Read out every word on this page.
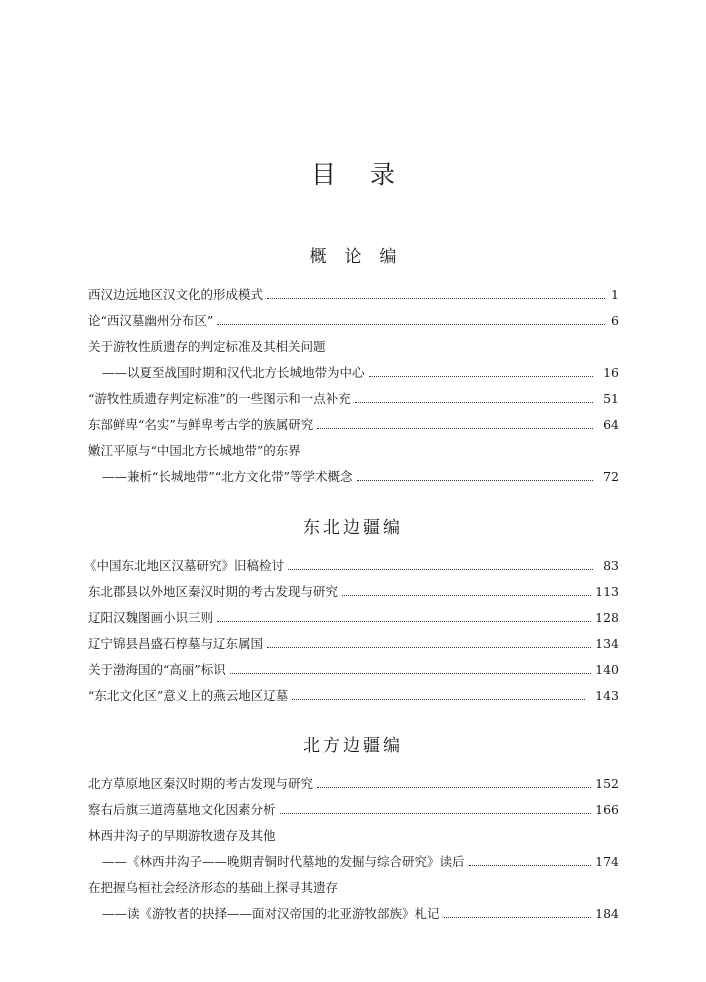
目录
概论编
西汉边远地区汉文化的形成模式	1
论“西汉墓幽州分布区”	6
关于游牧性质遗存的判定标准及其相关问题
——以夏至战国时期和汉代北方长城地带为中心	16
“游牧性质遗存判定标准”的一些图示和一点补充	51
东部鲜卑“名实”与鲜卑考古学的族属研究	64
嫩江平原与“中国北方长城地带”的东界
——兼析“长城地带”“北方文化带”等学术概念	72
东北边疆编
《中国东北地区汉墓研究》旧稿检讨	83
东北郡县以外地区秦汉时期的考古发现与研究	113
辽阳汉魏图画小识三则	128
辽宁锦县昌盛石椁墓与辽东属国	134
关于渤海国的“高丽”标识	140
“东北文化区”意义上的燕云地区辽墓	143
北方边疆编
北方草原地区秦汉时期的考古发现与研究	152
察右后旗三道湾墓地文化因素分析	166
林西井沟子的早期游牧遗存及其他
——《林西井沟子——晚期青铜时代墓地的发掘与综合研究》读后	174
在把握乌桓社会经济形态的基础上探寻其遗存
——读《游牧者的抉择——面对汉帝国的北亚游牧部族》札记	184
